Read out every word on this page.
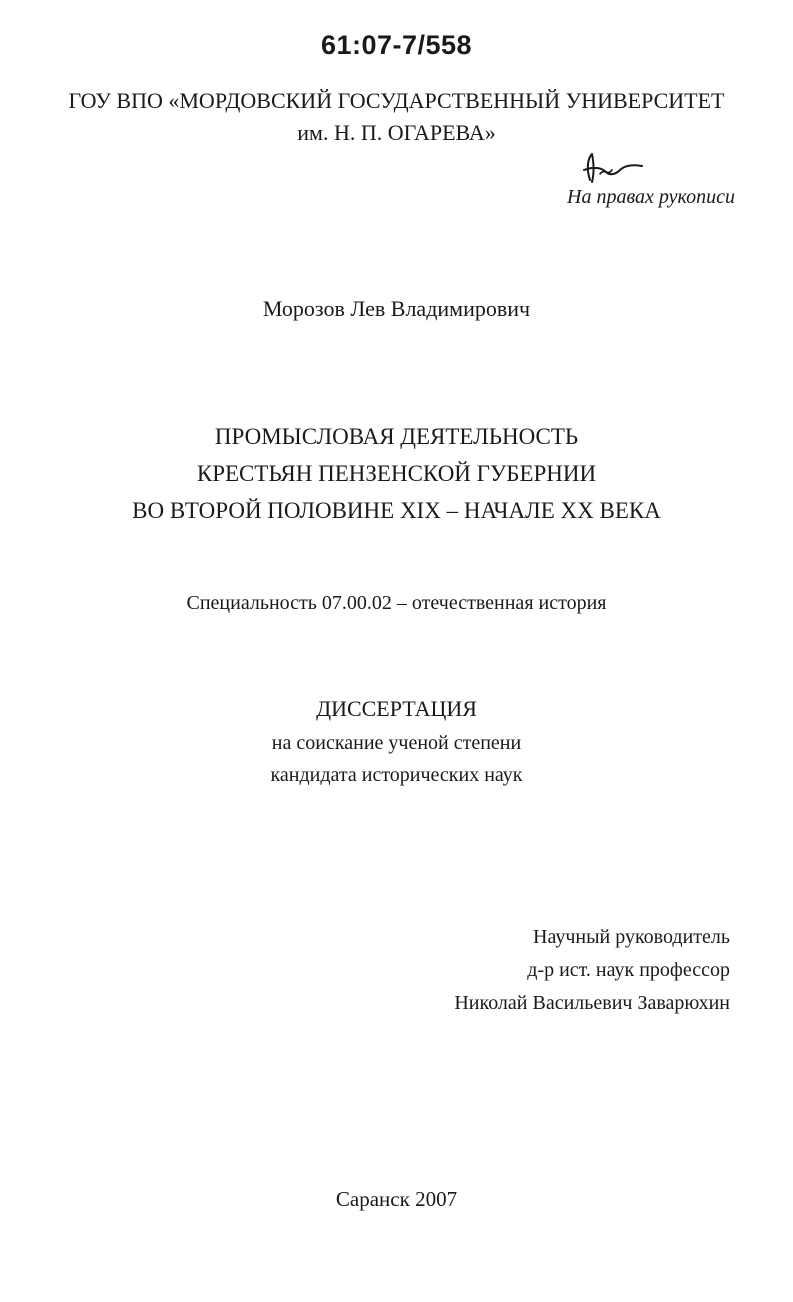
61:07-7/558
ГОУ ВПО «МОРДОВСКИЙ ГОСУДАРСТВЕННЫЙ УНИВЕРСИТЕТ
им. Н. П. ОГАРЕВА»
На правах рукописи
Морозов Лев Владимирович
ПРОМЫСЛОВАЯ ДЕЯТЕЛЬНОСТЬ
КРЕСТЬЯН ПЕНЗЕНСКОЙ ГУБЕРНИИ
ВО ВТОРОЙ ПОЛОВИНЕ XIX – НАЧАЛЕ XX ВЕКА
Специальность 07.00.02 – отечественная история
ДИССЕРТАЦИЯ
на соискание ученой степени
кандидата исторических наук
Научный руководитель
д-р ист. наук профессор
Николай Васильевич Заварюхин
Саранск 2007
